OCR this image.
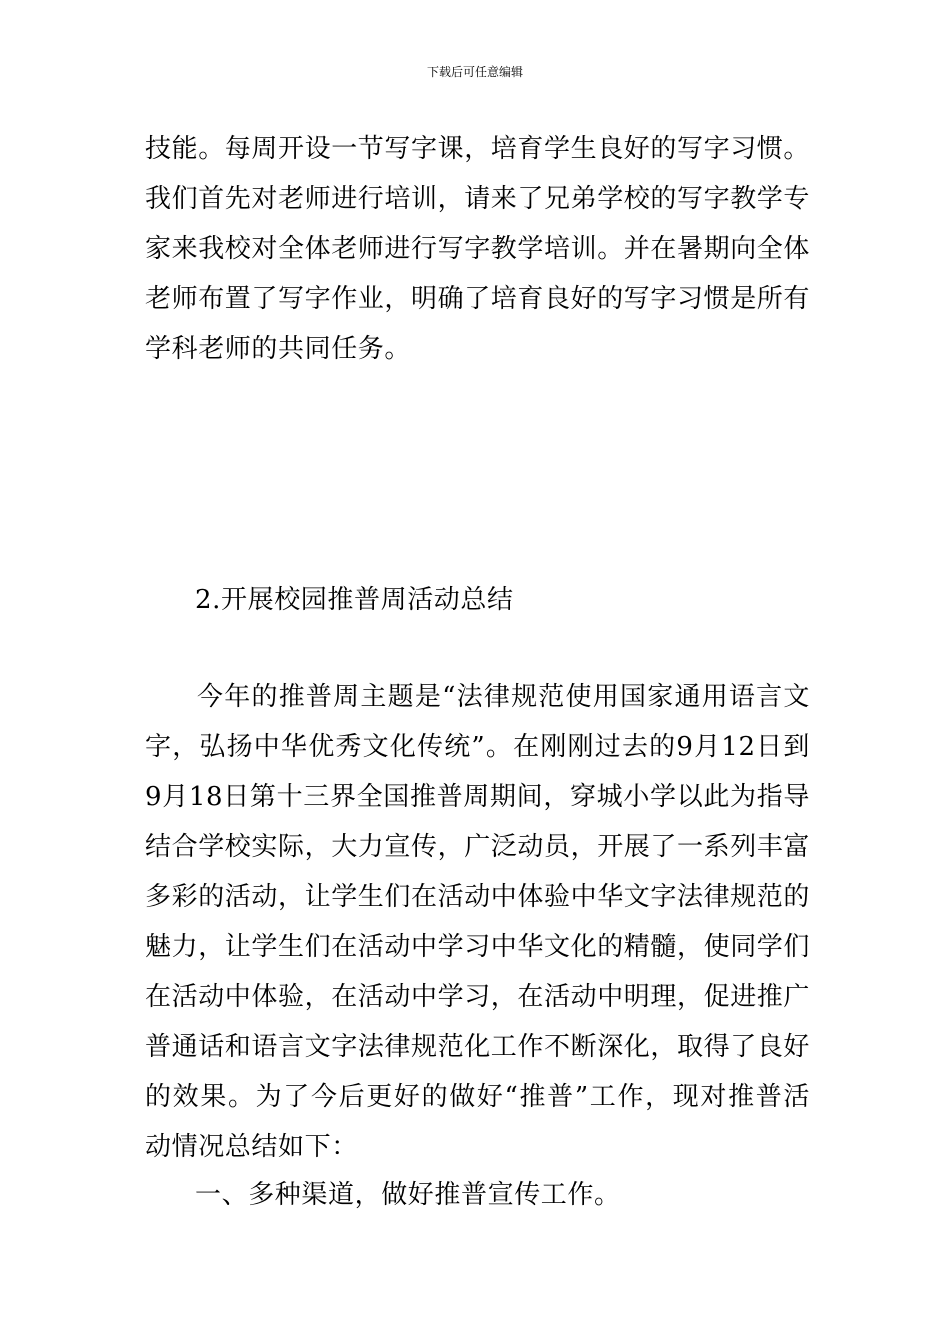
下载后可任意编辑

技能。每周开设一节写字课，培育学生良好的写字习惯。我们首先对老师进行培训，请来了兄弟学校的写字教学专家来我校对全体老师进行写字教学培训。并在暑期向全体老师布置了写字作业，明确了培育良好的写字习惯是所有学科老师的共同任务。

2.开展校园推普周活动总结

今年的推普周主题是“法律规范使用国家通用语言文字，弘扬中华优秀文化传统”。在刚刚过去的9月12日到9月18日第十三界全国推普周期间，穿城小学以此为指导结合学校实际，大力宣传，广泛动员，开展了一系列丰富多彩的活动，让学生们在活动中体验中华文字法律规范的魅力，让学生们在活动中学习中华文化的精髓，使同学们在活动中体验，在活动中学习，在活动中明理，促进推广普通话和语言文字法律规范化工作不断深化，取得了良好的效果。为了今后更好的做好“推普”工作，现对推普活动情况总结如下：

一、多种渠道，做好推普宣传工作。
